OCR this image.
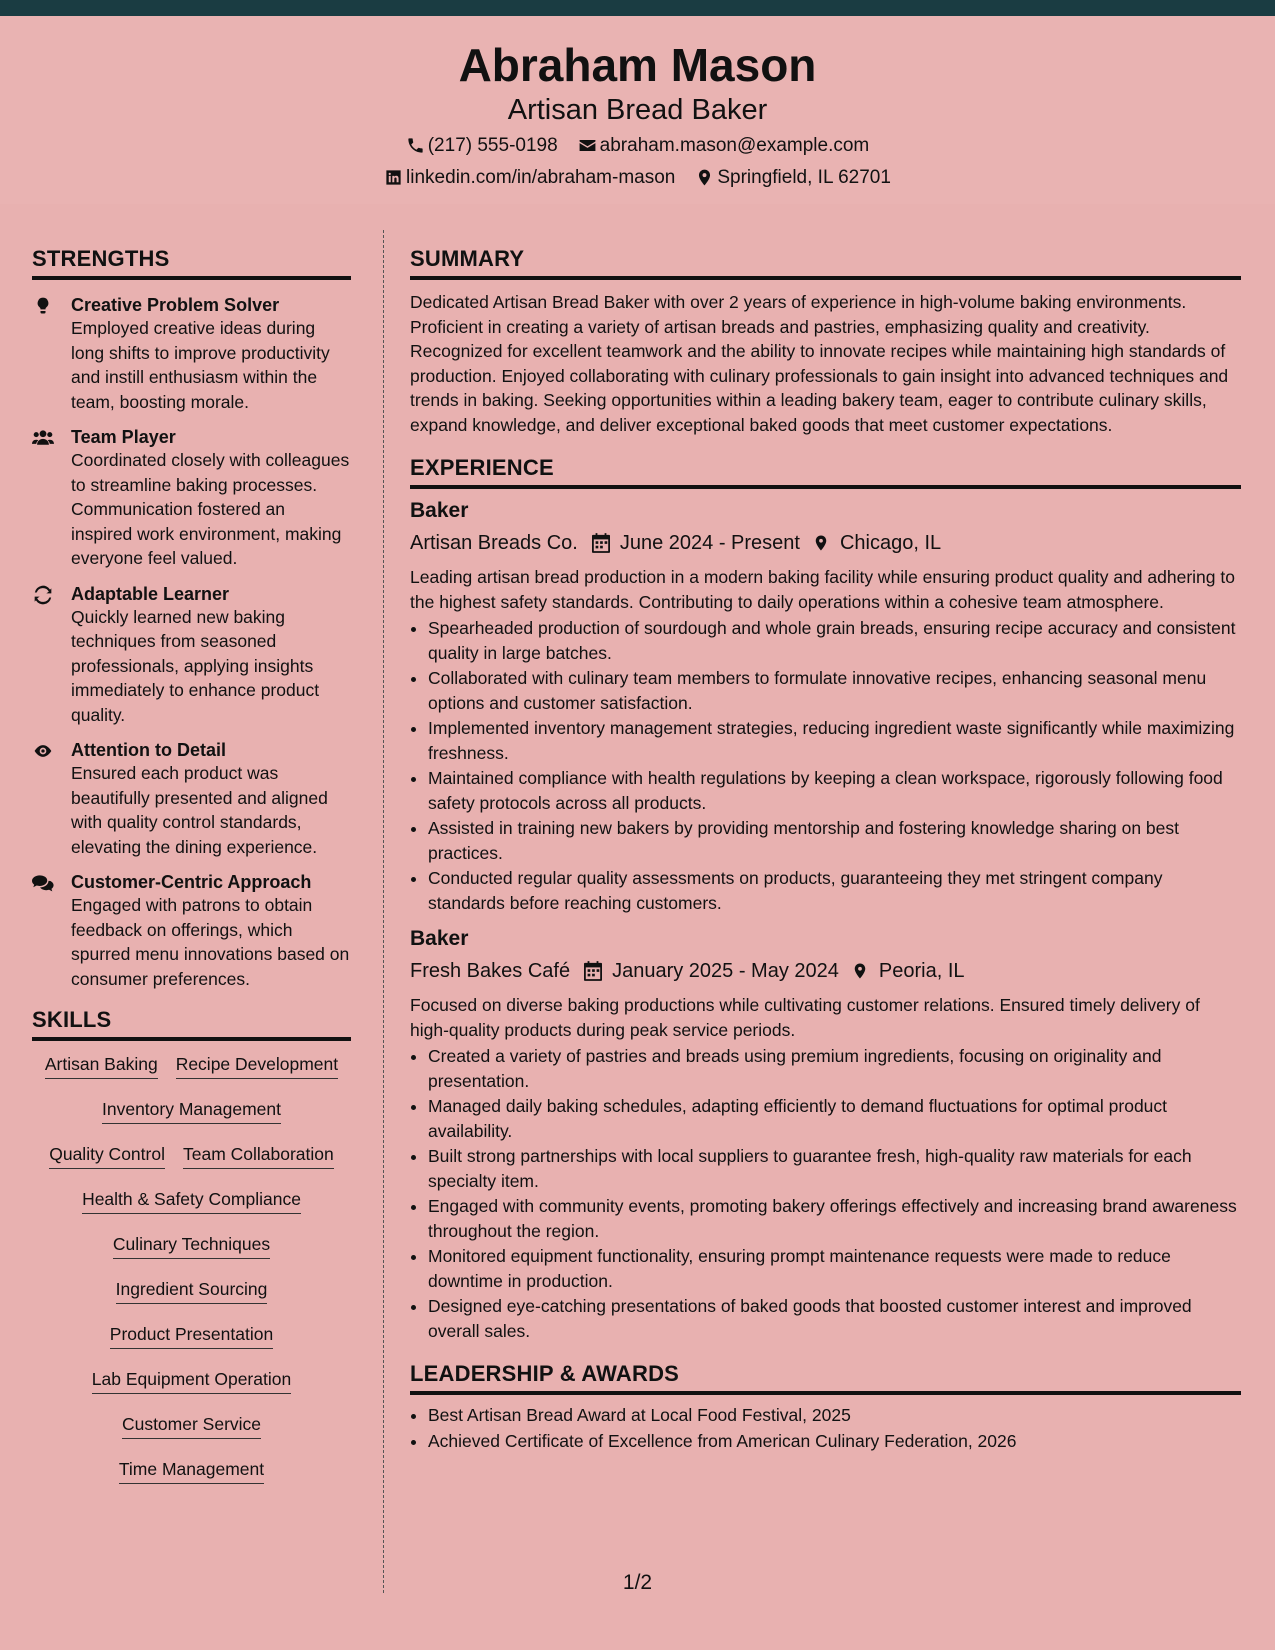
Abraham Mason
Artisan Bread Baker
(217) 555-0198 abraham.mason@example.com
linkedin.com/in/abraham-mason Springfield, IL 62701
STRENGTHS
Creative Problem Solver
Employed creative ideas during long shifts to improve productivity and instill enthusiasm within the team, boosting morale.
Team Player
Coordinated closely with colleagues to streamline baking processes. Communication fostered an inspired work environment, making everyone feel valued.
Adaptable Learner
Quickly learned new baking techniques from seasoned professionals, applying insights immediately to enhance product quality.
Attention to Detail
Ensured each product was beautifully presented and aligned with quality control standards, elevating the dining experience.
Customer-Centric Approach
Engaged with patrons to obtain feedback on offerings, which spurred menu innovations based on consumer preferences.
SKILLS
Artisan Baking Recipe Development
Inventory Management
Quality Control Team Collaboration
Health & Safety Compliance
Culinary Techniques
Ingredient Sourcing
Product Presentation
Lab Equipment Operation
Customer Service
Time Management
SUMMARY
Dedicated Artisan Bread Baker with over 2 years of experience in high-volume baking environments. Proficient in creating a variety of artisan breads and pastries, emphasizing quality and creativity. Recognized for excellent teamwork and the ability to innovate recipes while maintaining high standards of production. Enjoyed collaborating with culinary professionals to gain insight into advanced techniques and trends in baking. Seeking opportunities within a leading bakery team, eager to contribute culinary skills, expand knowledge, and deliver exceptional baked goods that meet customer expectations.
EXPERIENCE
Baker
Artisan Breads Co. June 2024 - Present Chicago, IL
Leading artisan bread production in a modern baking facility while ensuring product quality and adhering to the highest safety standards. Contributing to daily operations within a cohesive team atmosphere.
• Spearheaded production of sourdough and whole grain breads, ensuring recipe accuracy and consistent quality in large batches.
• Collaborated with culinary team members to formulate innovative recipes, enhancing seasonal menu options and customer satisfaction.
• Implemented inventory management strategies, reducing ingredient waste significantly while maximizing freshness.
• Maintained compliance with health regulations by keeping a clean workspace, rigorously following food safety protocols across all products.
• Assisted in training new bakers by providing mentorship and fostering knowledge sharing on best practices.
• Conducted regular quality assessments on products, guaranteeing they met stringent company standards before reaching customers.
Baker
Fresh Bakes Café January 2025 - May 2024 Peoria, IL
Focused on diverse baking productions while cultivating customer relations. Ensured timely delivery of high-quality products during peak service periods.
• Created a variety of pastries and breads using premium ingredients, focusing on originality and presentation.
• Managed daily baking schedules, adapting efficiently to demand fluctuations for optimal product availability.
• Built strong partnerships with local suppliers to guarantee fresh, high-quality raw materials for each specialty item.
• Engaged with community events, promoting bakery offerings effectively and increasing brand awareness throughout the region.
• Monitored equipment functionality, ensuring prompt maintenance requests were made to reduce downtime in production.
• Designed eye-catching presentations of baked goods that boosted customer interest and improved overall sales.
LEADERSHIP & AWARDS
• Best Artisan Bread Award at Local Food Festival, 2025
• Achieved Certificate of Excellence from American Culinary Federation, 2026
1/2
